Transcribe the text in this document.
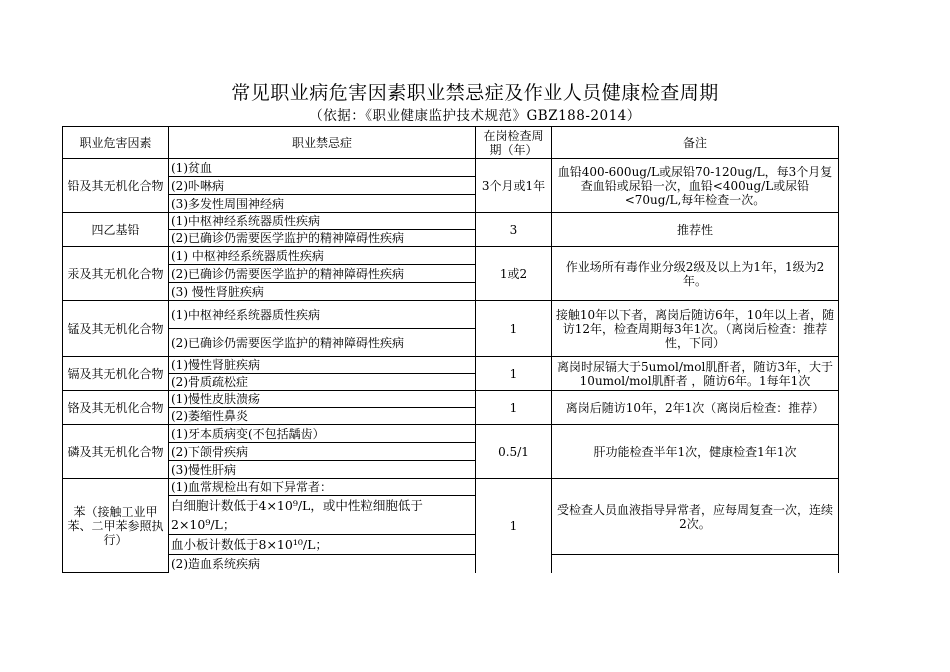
常见职业病危害因素职业禁忌症及作业人员健康检查周期
（依据：《职业健康监护技术规范》GBZ188-2014）
职业危害因素	职业禁忌症	在岗检查周期（年）	备注
铅及其无机化合物	(1)贫血	3个月或1年	血铅400-600ug/L或尿铅70-120ug/L，每3个月复查血铅或尿铅一次，血铅<400ug/L或尿铅<70ug/L,每年检查一次。
	(2)卟啉病		
	(3)多发性周围神经病		
四乙基铅	(1)中枢神经系统器质性疾病	3	推荐性
	(2)已确诊仍需要医学监护的精神障碍性疾病		
汞及其无机化合物	(1) 中枢神经系统器质性疾病	1或2	作业场所有毒作业分级2级及以上为1年，1级为2年。
	(2)已确诊仍需要医学监护的精神障碍性疾病		
	(3) 慢性肾脏疾病		
锰及其无机化合物	(1)中枢神经系统器质性疾病	1	接触10年以下者，离岗后随访6年，10年以上者，随访12年，检查周期每3年1次。（离岗后检查：推荐性，下同）
	(2)已确诊仍需要医学监护的精神障碍性疾病		
镉及其无机化合物	(1)慢性肾脏疾病	1	离岗时尿镉大于5umol/mol肌酐者，随访3年，大于10umol/mol肌酐者 ，随访6年。1每年1次
	(2)骨质疏松症		
铬及其无机化合物	(1)慢性皮肤溃疡	1	离岗后随访10年，2年1次（离岗后检查：推荐）
	(2)萎缩性鼻炎		
磷及其无机化合物	(1)牙本质病变(不包括龋齿）	0.5/1	肝功能检查半年1次，健康检查1年1次
	(2)下颌骨疾病		
	(3)慢性肝病		
苯（接触工业甲苯、二甲苯参照执行）	(1)血常规检出有如下异常者：	1	受检查人员血液指导异常者，应每周复查一次，连续2次。
	白细胞计数低于4×10⁹/L，或中性粒细胞低于2×10⁹/L；		
	血小板计数低于8×10¹⁰/L；		
	(2)造血系统疾病		
